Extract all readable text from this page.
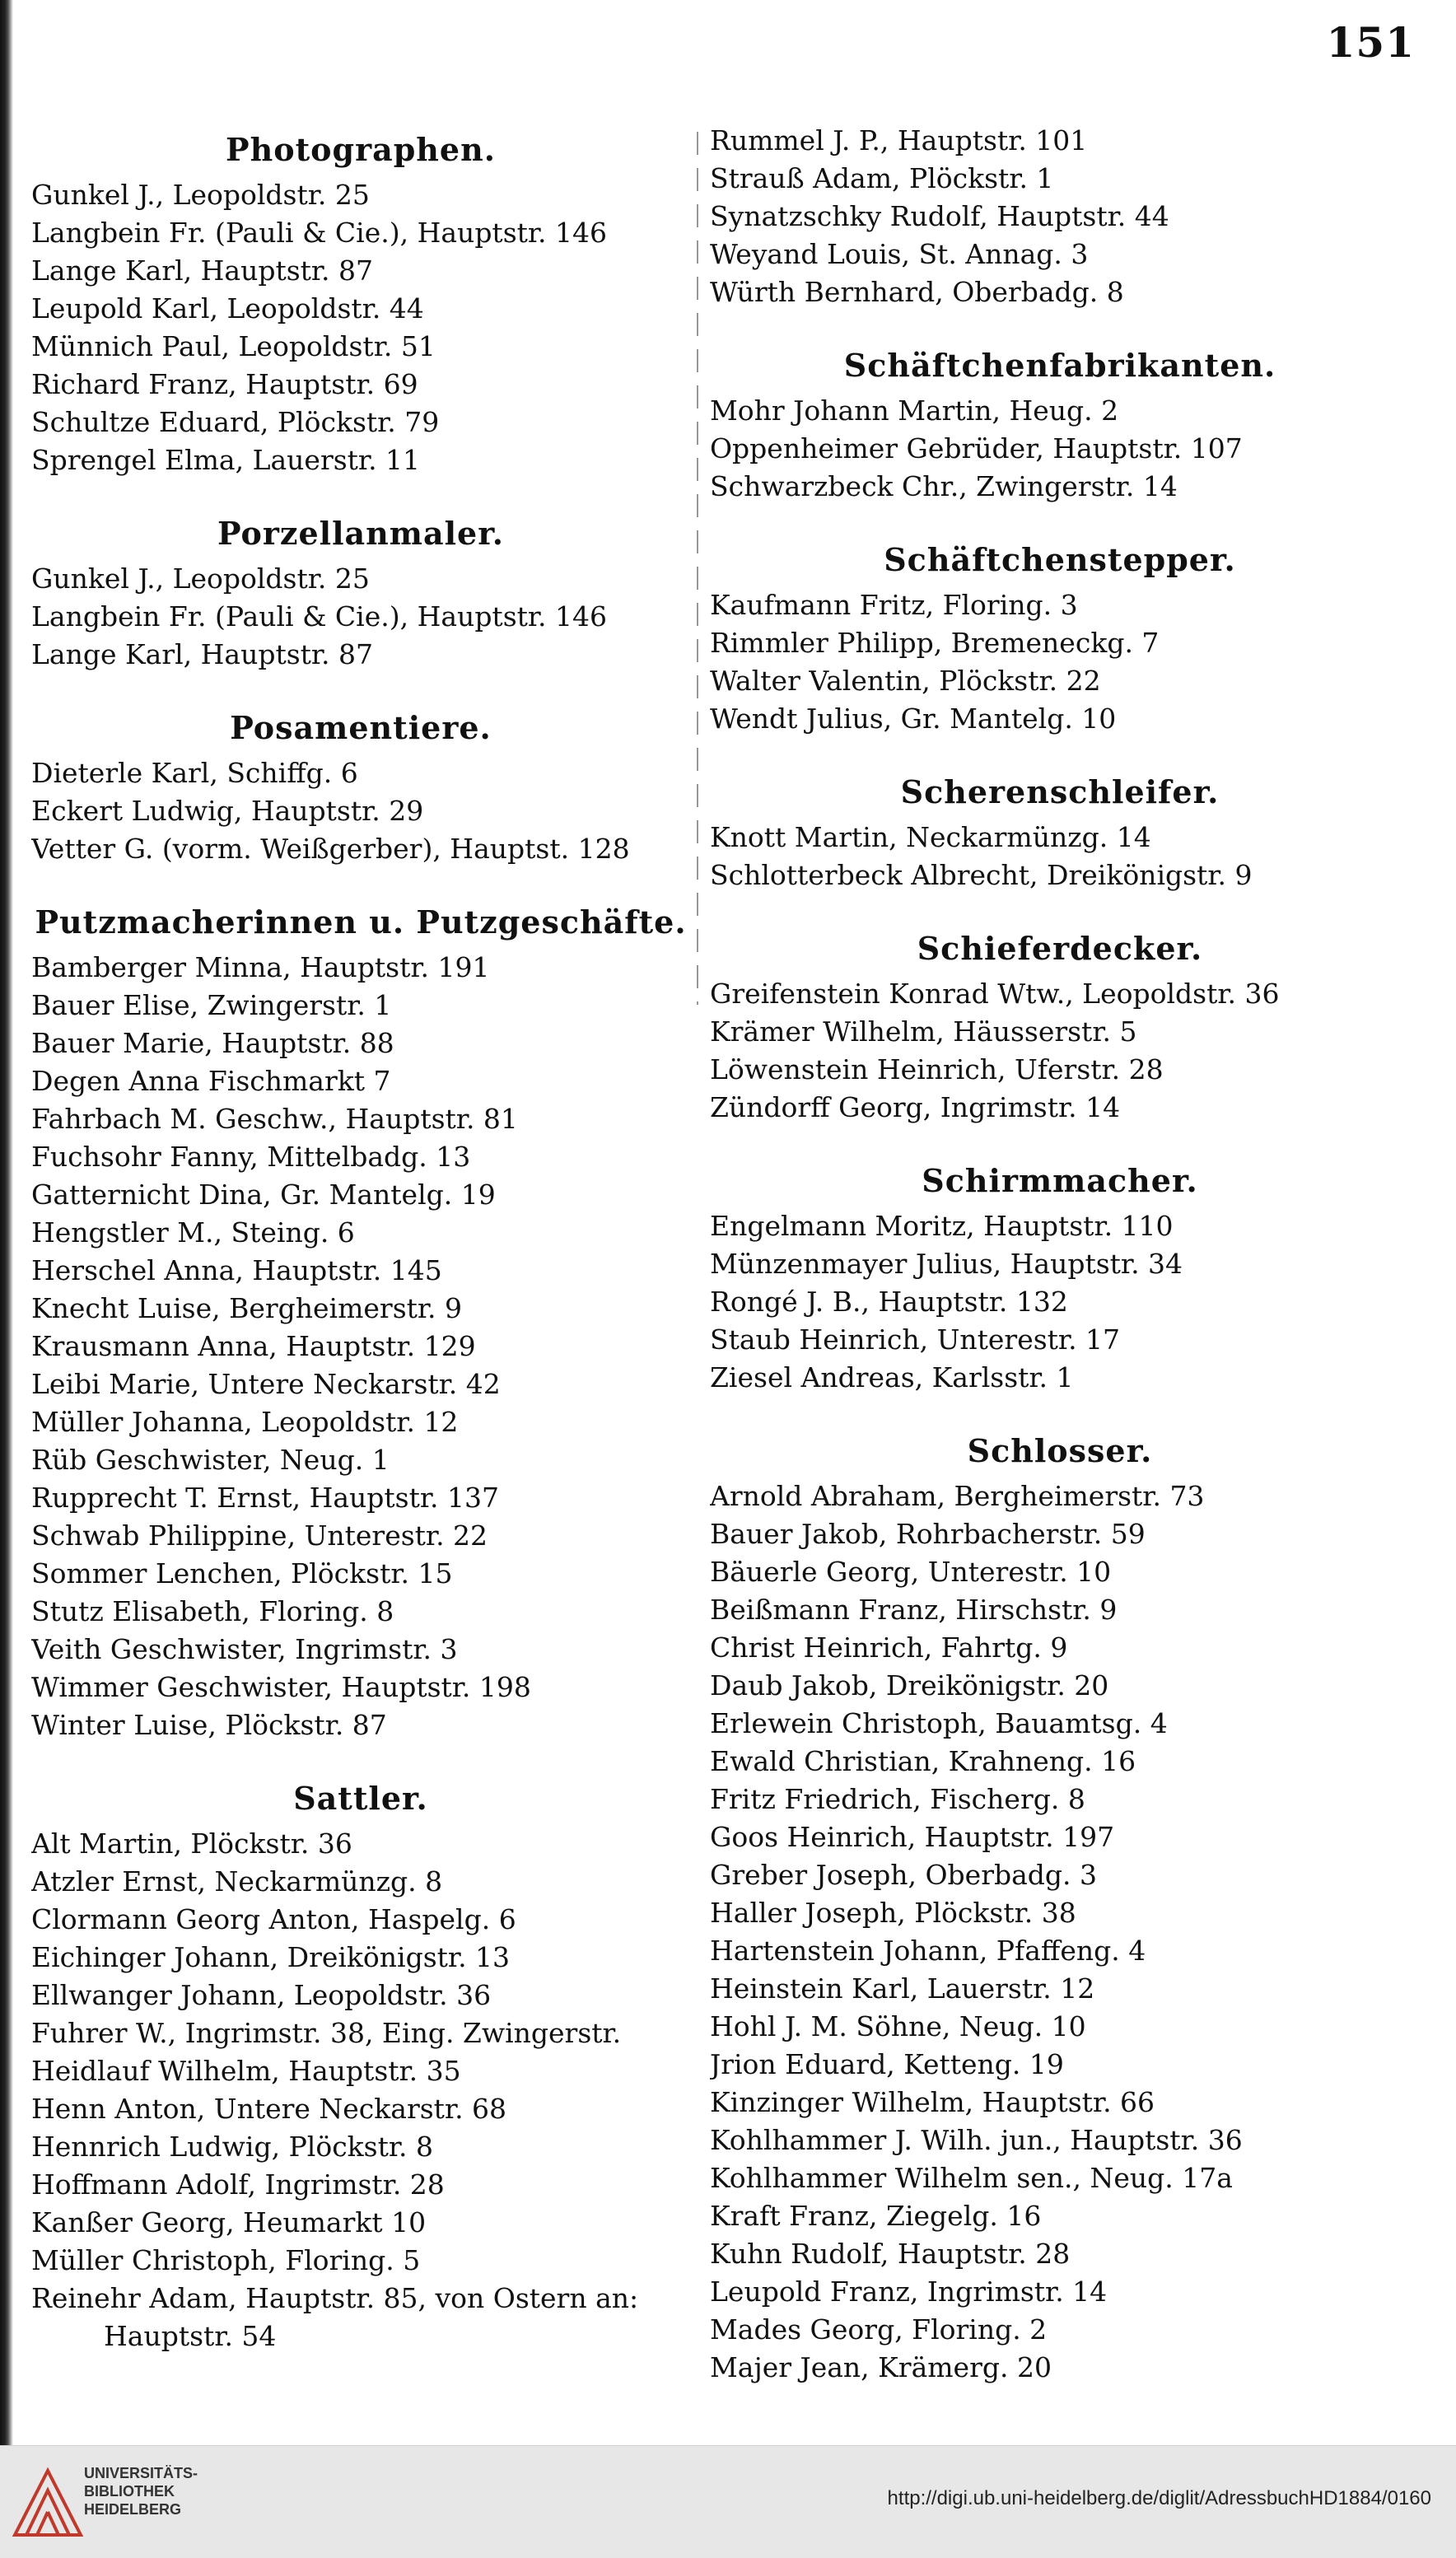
151
Photographen.
Gunkel J., Leopoldstr. 25
Langbein Fr. (Pauli & Cie.), Hauptstr. 146
Lange Karl, Hauptstr. 87
Leupold Karl, Leopoldstr. 44
Münnich Paul, Leopoldstr. 51
Richard Franz, Hauptstr. 69
Schultze Eduard, Plöckstr. 79
Sprengel Elma, Lauerstr. 11
Porzellanmaler.
Gunkel J., Leopoldstr. 25
Langbein Fr. (Pauli & Cie.), Hauptstr. 146
Lange Karl, Hauptstr. 87
Posamentiere.
Dieterle Karl, Schiffg. 6
Eckert Ludwig, Hauptstr. 29
Vetter G. (vorm. Weißgerber), Hauptst. 128
Putzmacherinnen u. Putzgeschäfte.
Bamberger Minna, Hauptstr. 191
Bauer Elise, Zwingerstr. 1
Bauer Marie, Hauptstr. 88
Degen Anna Fischmarkt 7
Fahrbach M. Geschw., Hauptstr. 81
Fuchsohr Fanny, Mittelbadg. 13
Gatternicht Dina, Gr. Mantelg. 19
Hengstler M., Steing. 6
Herschel Anna, Hauptstr. 145
Knecht Luise, Bergheimerstr. 9
Krausmann Anna, Hauptstr. 129
Leibi Marie, Untere Neckarstr. 42
Müller Johanna, Leopoldstr. 12
Rüb Geschwister, Neug. 1
Rupprecht T. Ernst, Hauptstr. 137
Schwab Philippine, Unterestr. 22
Sommer Lenchen, Plöckstr. 15
Stutz Elisabeth, Floring. 8
Veith Geschwister, Ingrimstr. 3
Wimmer Geschwister, Hauptstr. 198
Winter Luise, Plöckstr. 87
Sattler.
Alt Martin, Plöckstr. 36
Atzler Ernst, Neckarmünzg. 8
Clormann Georg Anton, Haspelg. 6
Eichinger Johann, Dreikönigstr. 13
Ellwanger Johann, Leopoldstr. 36
Fuhrer W., Ingrimstr. 38, Eing. Zwingerstr.
Heidlauf Wilhelm, Hauptstr. 35
Henn Anton, Untere Neckarstr. 68
Hennrich Ludwig, Plöckstr. 8
Hoffmann Adolf, Ingrimstr. 28
Kanßer Georg, Heumarkt 10
Müller Christoph, Floring. 5
Reinehr Adam, Hauptstr. 85, von Ostern an:
Hauptstr. 54
Rummel J. P., Hauptstr. 101
Strauß Adam, Plöckstr. 1
Synatzschky Rudolf, Hauptstr. 44
Weyand Louis, St. Annag. 3
Würth Bernhard, Oberbadg. 8
Schäftchenfabrikanten.
Mohr Johann Martin, Heug. 2
Oppenheimer Gebrüder, Hauptstr. 107
Schwarzbeck Chr., Zwingerstr. 14
Schäftchenstepper.
Kaufmann Fritz, Floring. 3
Rimmler Philipp, Bremeneckg. 7
Walter Valentin, Plöckstr. 22
Wendt Julius, Gr. Mantelg. 10
Scherenschleifer.
Knott Martin, Neckarmünzg. 14
Schlotterbeck Albrecht, Dreikönigstr. 9
Schieferdecker.
Greifenstein Konrad Wtw., Leopoldstr. 36
Krämer Wilhelm, Häusserstr. 5
Löwenstein Heinrich, Uferstr. 28
Zündorff Georg, Ingrimstr. 14
Schirmmacher.
Engelmann Moritz, Hauptstr. 110
Münzenmayer Julius, Hauptstr. 34
Rongé J. B., Hauptstr. 132
Staub Heinrich, Unterestr. 17
Ziesel Andreas, Karlsstr. 1
Schlosser.
Arnold Abraham, Bergheimerstr. 73
Bauer Jakob, Rohrbacherstr. 59
Bäuerle Georg, Unterestr. 10
Beißmann Franz, Hirschstr. 9
Christ Heinrich, Fahrtg. 9
Daub Jakob, Dreikönigstr. 20
Erlewein Christoph, Bauamtsg. 4
Ewald Christian, Krahneng. 16
Fritz Friedrich, Fischerg. 8
Goos Heinrich, Hauptstr. 197
Greber Joseph, Oberbadg. 3
Haller Joseph, Plöckstr. 38
Hartenstein Johann, Pfaffeng. 4
Heinstein Karl, Lauerstr. 12
Hohl J. M. Söhne, Neug. 10
Jrion Eduard, Ketteng. 19
Kinzinger Wilhelm, Hauptstr. 66
Kohlhammer J. Wilh. jun., Hauptstr. 36
Kohlhammer Wilhelm sen., Neug. 17a
Kraft Franz, Ziegelg. 16
Kuhn Rudolf, Hauptstr. 28
Leupold Franz, Ingrimstr. 14
Mades Georg, Floring. 2
Majer Jean, Krämerg. 20
UNIVERSITÄTS-
BIBLIOTHEK
HEIDELBERG	http://digi.ub.uni-heidelberg.de/diglit/AdressbuchHD1884/0160
